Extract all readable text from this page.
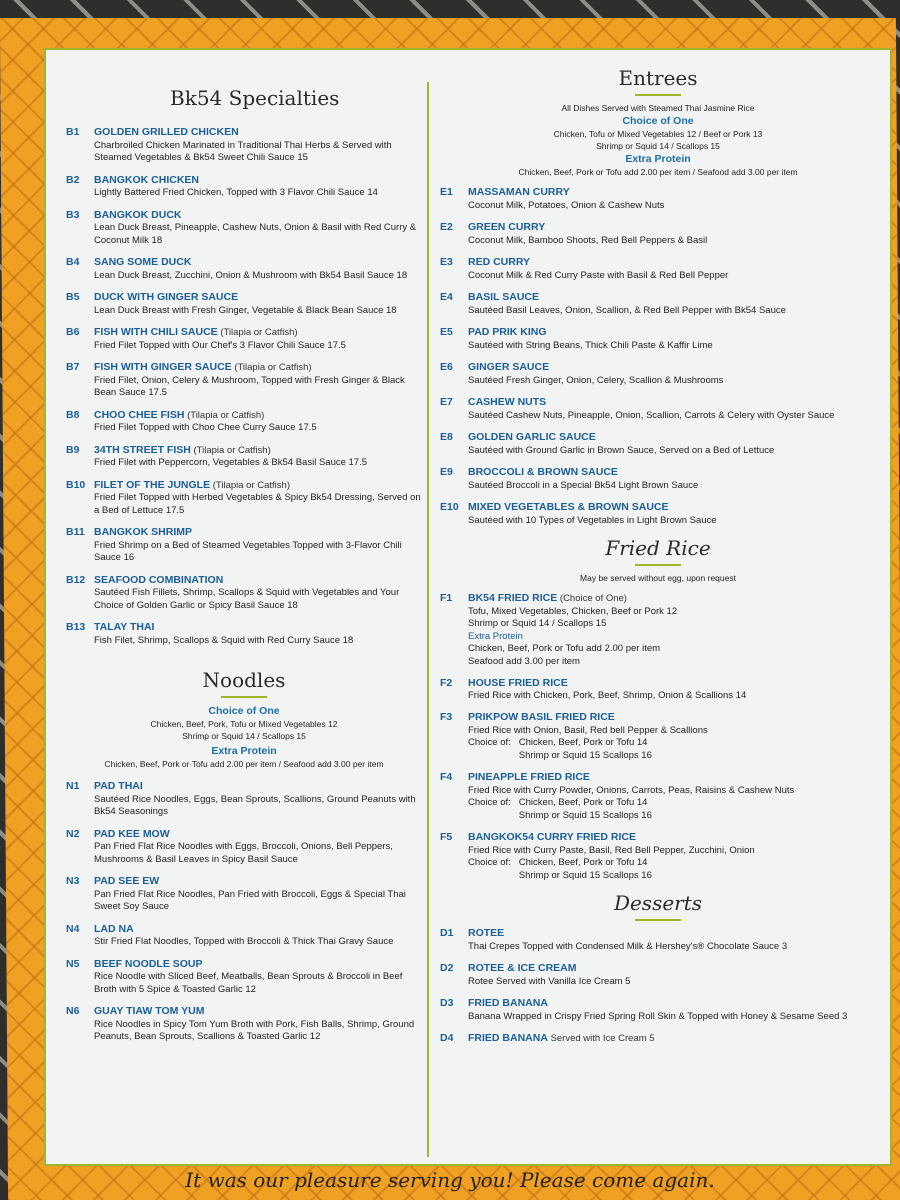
Bk54 Specialties
B1	GOLDEN GRILLED CHICKEN
Charbroiled Chicken Marinated in Traditional Thai Herbs & Served with Steamed Vegetables & Bk54 Sweet Chili Sauce 15
B2	BANGKOK CHICKEN
Lightly Battered Fried Chicken, Topped with 3 Flavor Chili Sauce 14
B3	BANGKOK DUCK
Lean Duck Breast, Pineapple, Cashew Nuts, Onion & Basil with Red Curry & Coconut Milk 18
B4	SANG SOME DUCK
Lean Duck Breast, Zucchini, Onion & Mushroom with Bk54 Basil Sauce 18
B5	DUCK WITH GINGER SAUCE
Lean Duck Breast with Fresh Ginger, Vegetable & Black Bean Sauce 18
B6	FISH WITH CHILI SAUCE (Tilapia or Catfish)
Fried Filet Topped with Our Chef's 3 Flavor Chili Sauce 17.5
B7	FISH WITH GINGER SAUCE (Tilapia or Catfish)
Fried Filet, Onion, Celery & Mushroom, Topped with Fresh Ginger & Black Bean Sauce 17.5
B8	CHOO CHEE FISH (Tilapia or Catfish)
Fried Filet Topped with Choo Chee Curry Sauce 17.5
B9	34TH STREET FISH (Tilapia or Catfish)
Fried Filet with Peppercorn, Vegetables & Bk54 Basil Sauce 17.5
B10 FILET OF THE JUNGLE (Tilapia or Catfish)
Fried Filet Topped with Herbed Vegetables & Spicy Bk54 Dressing, Served on a Bed of Lettuce 17.5
B11 BANGKOK SHRIMP
Fried Shrimp on a Bed of Steamed Vegetables Topped with 3-Flavor Chili Sauce 16
B12 SEAFOOD COMBINATION
Sautéed Fish Fillets, Shrimp, Scallops & Squid with Vegetables and Your Choice of Golden Garlic or Spicy Basil Sauce 18
B13 TALAY THAI
Fish Filet, Shrimp, Scallops & Squid with Red Curry Sauce 18
Noodles
Choice of One
Chicken, Beef, Pork, Tofu or Mixed Vegetables 12
Shrimp or Squid 14 / Scallops 15
Extra Protein
Chicken, Beef, Pork or Tofu add 2.00 per item / Seafood add 3.00 per item
N1	PAD THAI
Sautéed Rice Noodles, Eggs, Bean Sprouts, Scallions, Ground Peanuts with Bk54 Seasonings
N2	PAD KEE MOW
Pan Fried Flat Rice Noodles with Eggs, Broccoli, Onions, Bell Peppers, Mushrooms & Basil Leaves in Spicy Basil Sauce
N3	PAD SEE EW
Pan Fried Flat Rice Noodles, Pan Fried with Broccoli, Eggs & Special Thai Sweet Soy Sauce
N4	LAD NA
Stir Fried Flat Noodles, Topped with Broccoli & Thick Thai Gravy Sauce
N5	BEEF NOODLE SOUP
Rice Noodle with Sliced Beef, Meatballs, Bean Sprouts & Broccoli in Beef Broth with 5 Spice & Toasted Garlic 12
N6	GUAY TIAW TOM YUM
Rice Noodles in Spicy Tom Yum Broth with Pork, Fish Balls, Shrimp, Ground Peanuts, Bean Sprouts, Scallions & Toasted Garlic 12
Entrees
All Dishes Served with Steamed Thai Jasmine Rice
Choice of One
Chicken, Tofu or Mixed Vegetables 12 / Beef or Pork 13
Shrimp or Squid 14 / Scallops 15
Extra Protein
Chicken, Beef, Pork or Tofu add 2.00 per item / Seafood add 3.00 per item
E1	MASSAMAN CURRY
Coconut Milk, Potatoes, Onion & Cashew Nuts
E2	GREEN CURRY
Coconut Milk, Bamboo Shoots, Red Bell Peppers & Basil
E3	RED CURRY
Coconut Milk & Red Curry Paste with Basil & Red Bell Pepper
E4	BASIL SAUCE
Sautéed Basil Leaves, Onion, Scallion, & Red Bell Pepper with Bk54 Sauce
E5	PAD PRIK KING
Sautéed with String Beans, Thick Chili Paste & Kaffir Lime
E6	GINGER SAUCE
Sautéed Fresh Ginger, Onion, Celery, Scallion & Mushrooms
E7	CASHEW NUTS
Sautéed Cashew Nuts, Pineapple, Onion, Scallion, Carrots & Celery with Oyster Sauce
E8	GOLDEN GARLIC SAUCE
Sautéed with Ground Garlic in Brown Sauce, Served on a Bed of Lettuce
E9	BROCCOLI & BROWN SAUCE
Sautéed Broccoli in a Special Bk54 Light Brown Sauce
E10 MIXED VEGETABLES & BROWN SAUCE
Sautéed with 10 Types of Vegetables in Light Brown Sauce
Fried Rice
May be served without egg, upon request
F1	BK54 FRIED RICE (Choice of One)
Tofu, Mixed Vegetables, Chicken, Beef or Pork 12
Shrimp or Squid 14 / Scallops 15
Extra Protein
Chicken, Beef, Pork or Tofu add 2.00 per item
Seafood add 3.00 per item
F2	HOUSE FRIED RICE
Fried Rice with Chicken, Pork, Beef, Shrimp, Onion & Scallions 14
F3	PRIKPOW BASIL FRIED RICE
Fried Rice with Onion, Basil, Red bell Pepper & Scallions
Choice of: Chicken, Beef, Pork or Tofu 14
Shrimp or Squid 15 Scallops 16
F4	PINEAPPLE FRIED RICE
Fried Rice with Curry Powder, Onions, Carrots, Peas, Raisins & Cashew Nuts
Choice of: Chicken, Beef, Pork or Tofu 14
Shrimp or Squid 15 Scallops 16
F5	BANGKOK54 CURRY FRIED RICE
Fried Rice with Curry Paste, Basil, Red Bell Pepper, Zucchini, Onion
Choice of: Chicken, Beef, Pork or Tofu 14
Shrimp or Squid 15 Scallops 16
Desserts
D1	ROTEE
Thai Crepes Topped with Condensed Milk & Hershey's® Chocolate Sauce 3
D2	ROTEE & ICE CREAM
Rotee Served with Vanilla Ice Cream 5
D3	FRIED BANANA
Banana Wrapped in Crispy Fried Spring Roll Skin & Topped with Honey & Sesame Seed 3
D4	FRIED BANANA Served with Ice Cream 5
It was our pleasure serving you! Please come again.
